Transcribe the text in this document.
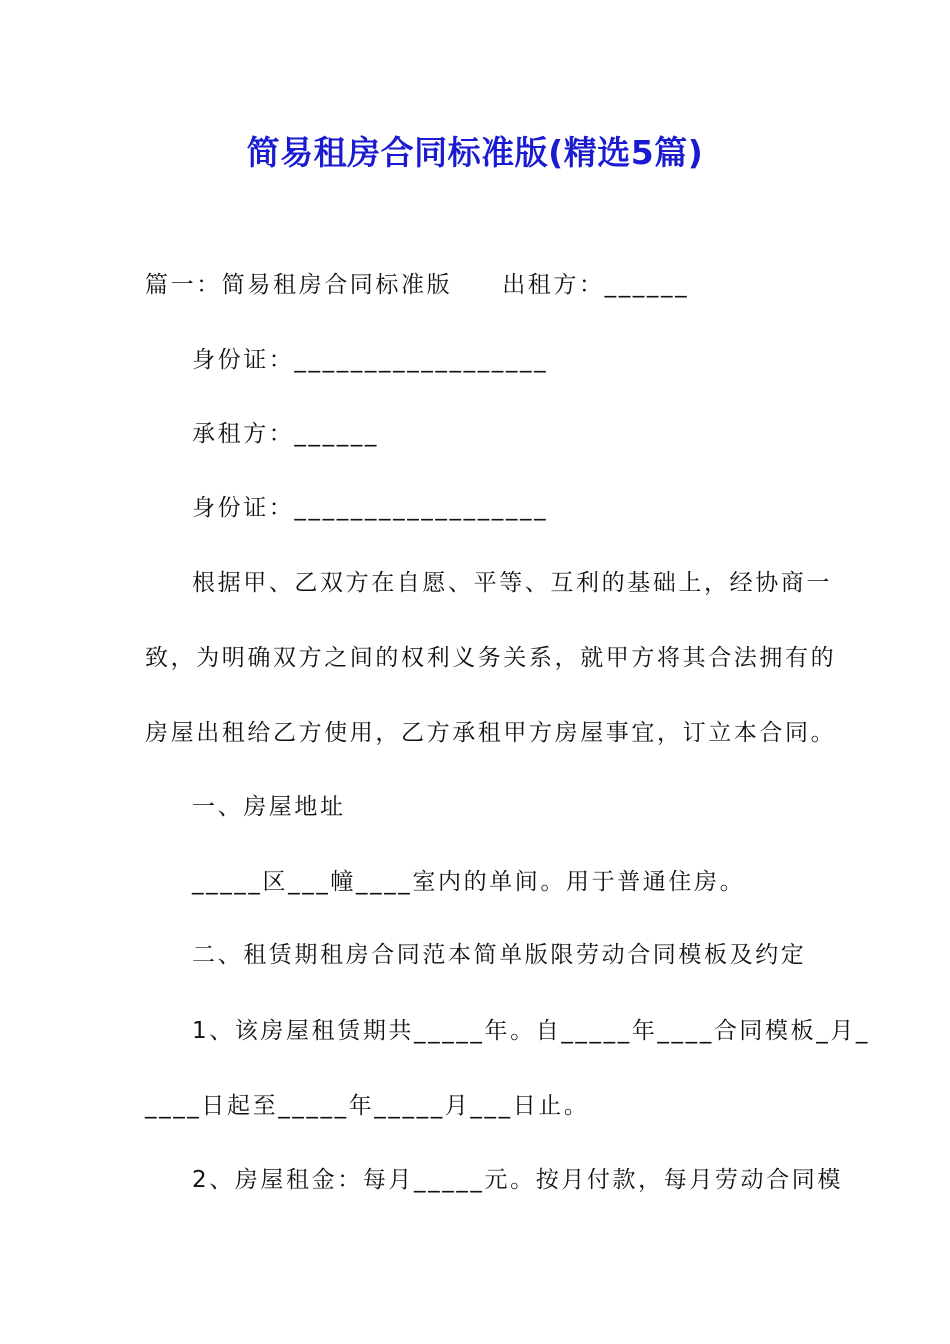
简易租房合同标准版(精选5篇)
篇一：简易租房合同标准版 出租方：______
身份证：__________________
承租方：______
身份证：__________________
根据甲、乙双方在自愿、平等、互利的基础上，经协商一
致，为明确双方之间的权利义务关系，就甲方将其合法拥有的
房屋出租给乙方使用，乙方承租甲方房屋事宜，订立本合同。
一、房屋地址
_____区___幢____室内的单间。用于普通住房。
二、租赁期租房合同范本简单版限劳动合同模板及约定
1、该房屋租赁期共_____年。自_____年____合同模板_月_
____日起至_____年_____月___日止。
2、房屋租金：每月_____元。按月付款，每月劳动合同模
